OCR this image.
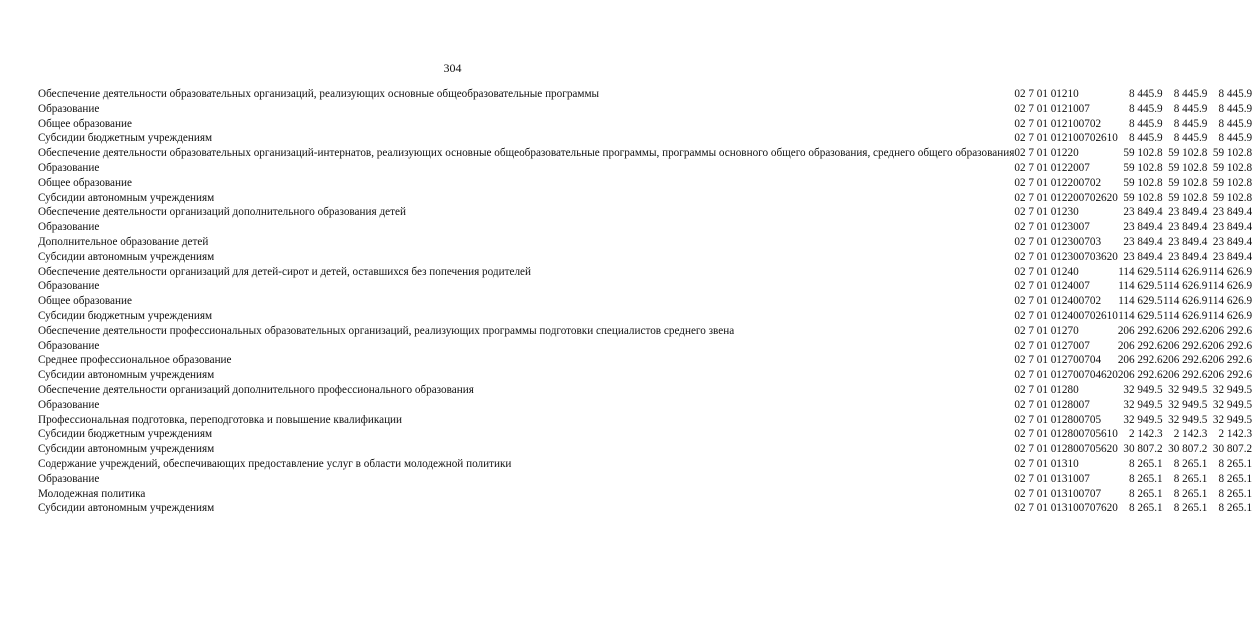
304
Обеспечение деятельности образовательных организаций, реализующих основные общеобразовательные программы	02 7 01 01210				8 445.9	8 445.9	8 445.9
Образование	02 7 01 01210	07			8 445.9	8 445.9	8 445.9
Общее образование	02 7 01 01210	07	02		8 445.9	8 445.9	8 445.9
Субсидии бюджетным учреждениям	02 7 01 01210	07	02	610	8 445.9	8 445.9	8 445.9
Обеспечение деятельности образовательных организаций-интернатов, реализующих основные общеобразовательные программы, программы основного общего образования, среднего общего образования	02 7 01 01220				59 102.8	59 102.8	59 102.8
Образование	02 7 01 01220	07			59 102.8	59 102.8	59 102.8
Общее образование	02 7 01 01220	07	02		59 102.8	59 102.8	59 102.8
Субсидии автономным учреждениям	02 7 01 01220	07	02	620	59 102.8	59 102.8	59 102.8
Обеспечение деятельности организаций дополнительного образования детей	02 7 01 01230				23 849.4	23 849.4	23 849.4
Образование	02 7 01 01230	07			23 849.4	23 849.4	23 849.4
Дополнительное образование детей	02 7 01 01230	07	03		23 849.4	23 849.4	23 849.4
Субсидии автономным учреждениям	02 7 01 01230	07	03	620	23 849.4	23 849.4	23 849.4
Обеспечение деятельности организаций для детей-сирот и детей, оставшихся без попечения родителей	02 7 01 01240				114 629.5	114 626.9	114 626.9
Образование	02 7 01 01240	07			114 629.5	114 626.9	114 626.9
Общее образование	02 7 01 01240	07	02		114 629.5	114 626.9	114 626.9
Субсидии бюджетным учреждениям	02 7 01 01240	07	02	610	114 629.5	114 626.9	114 626.9
Обеспечение деятельности профессиональных образовательных организаций, реализующих программы подготовки специалистов среднего звена	02 7 01 01270				206 292.6	206 292.6	206 292.6
Образование	02 7 01 01270	07			206 292.6	206 292.6	206 292.6
Среднее профессиональное образование	02 7 01 01270	07	04		206 292.6	206 292.6	206 292.6
Субсидии автономным учреждениям	02 7 01 01270	07	04	620	206 292.6	206 292.6	206 292.6
Обеспечение деятельности организаций дополнительного профессионального образования	02 7 01 01280				32 949.5	32 949.5	32 949.5
Образование	02 7 01 01280	07			32 949.5	32 949.5	32 949.5
Профессиональная подготовка, переподготовка и повышение квалификации	02 7 01 01280	07	05		32 949.5	32 949.5	32 949.5
Субсидии бюджетным учреждениям	02 7 01 01280	07	05	610	2 142.3	2 142.3	2 142.3
Субсидии автономным учреждениям	02 7 01 01280	07	05	620	30 807.2	30 807.2	30 807.2
Содержание учреждений, обеспечивающих предоставление услуг в области молодежной политики	02 7 01 01310				8 265.1	8 265.1	8 265.1
Образование	02 7 01 01310	07			8 265.1	8 265.1	8 265.1
Молодежная политика	02 7 01 01310	07	07		8 265.1	8 265.1	8 265.1
Субсидии автономным учреждениям	02 7 01 01310	07	07	620	8 265.1	8 265.1	8 265.1
